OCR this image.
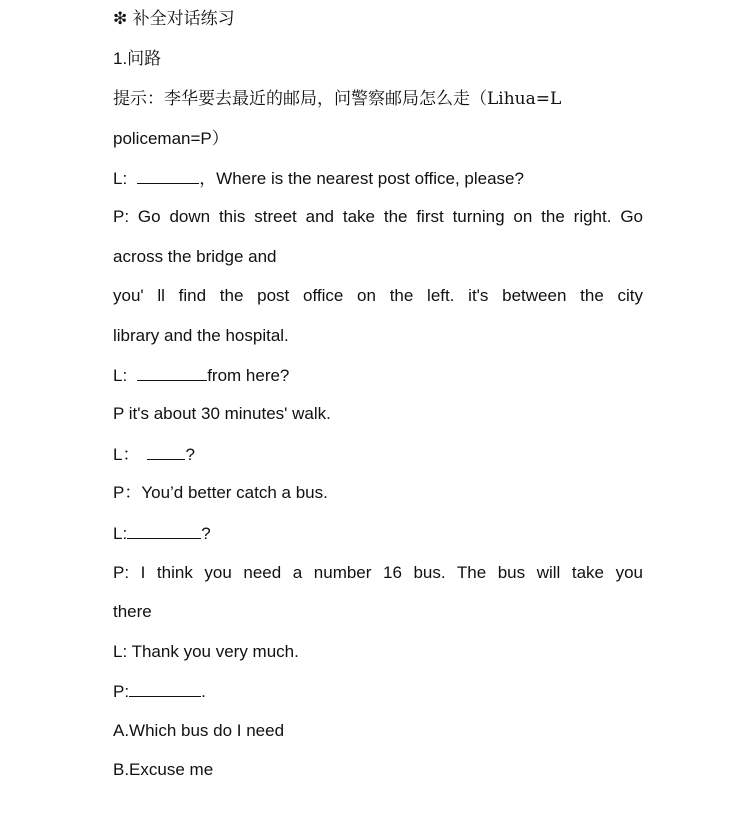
❇ 补全对话练习
1.问路
提示：李华要去最近的邮局，问警察邮局怎么走（Lihua=L
policeman=P）
L:	，Where is the nearest post office, please?
P: Go down this street and take the first turning on the right. Go
across the bridge and
you' ll find the post office on the left. it's between the city
library and the hospital.
L:	from here?
P it's about 30 minutes' walk.
L：	?
P：You’d better catch a bus.
L:	?
P: I think you need a number 16 bus. The bus will take you
there
L: Thank you very much.
P:	.
A.Which bus do I need
B.Excuse me
